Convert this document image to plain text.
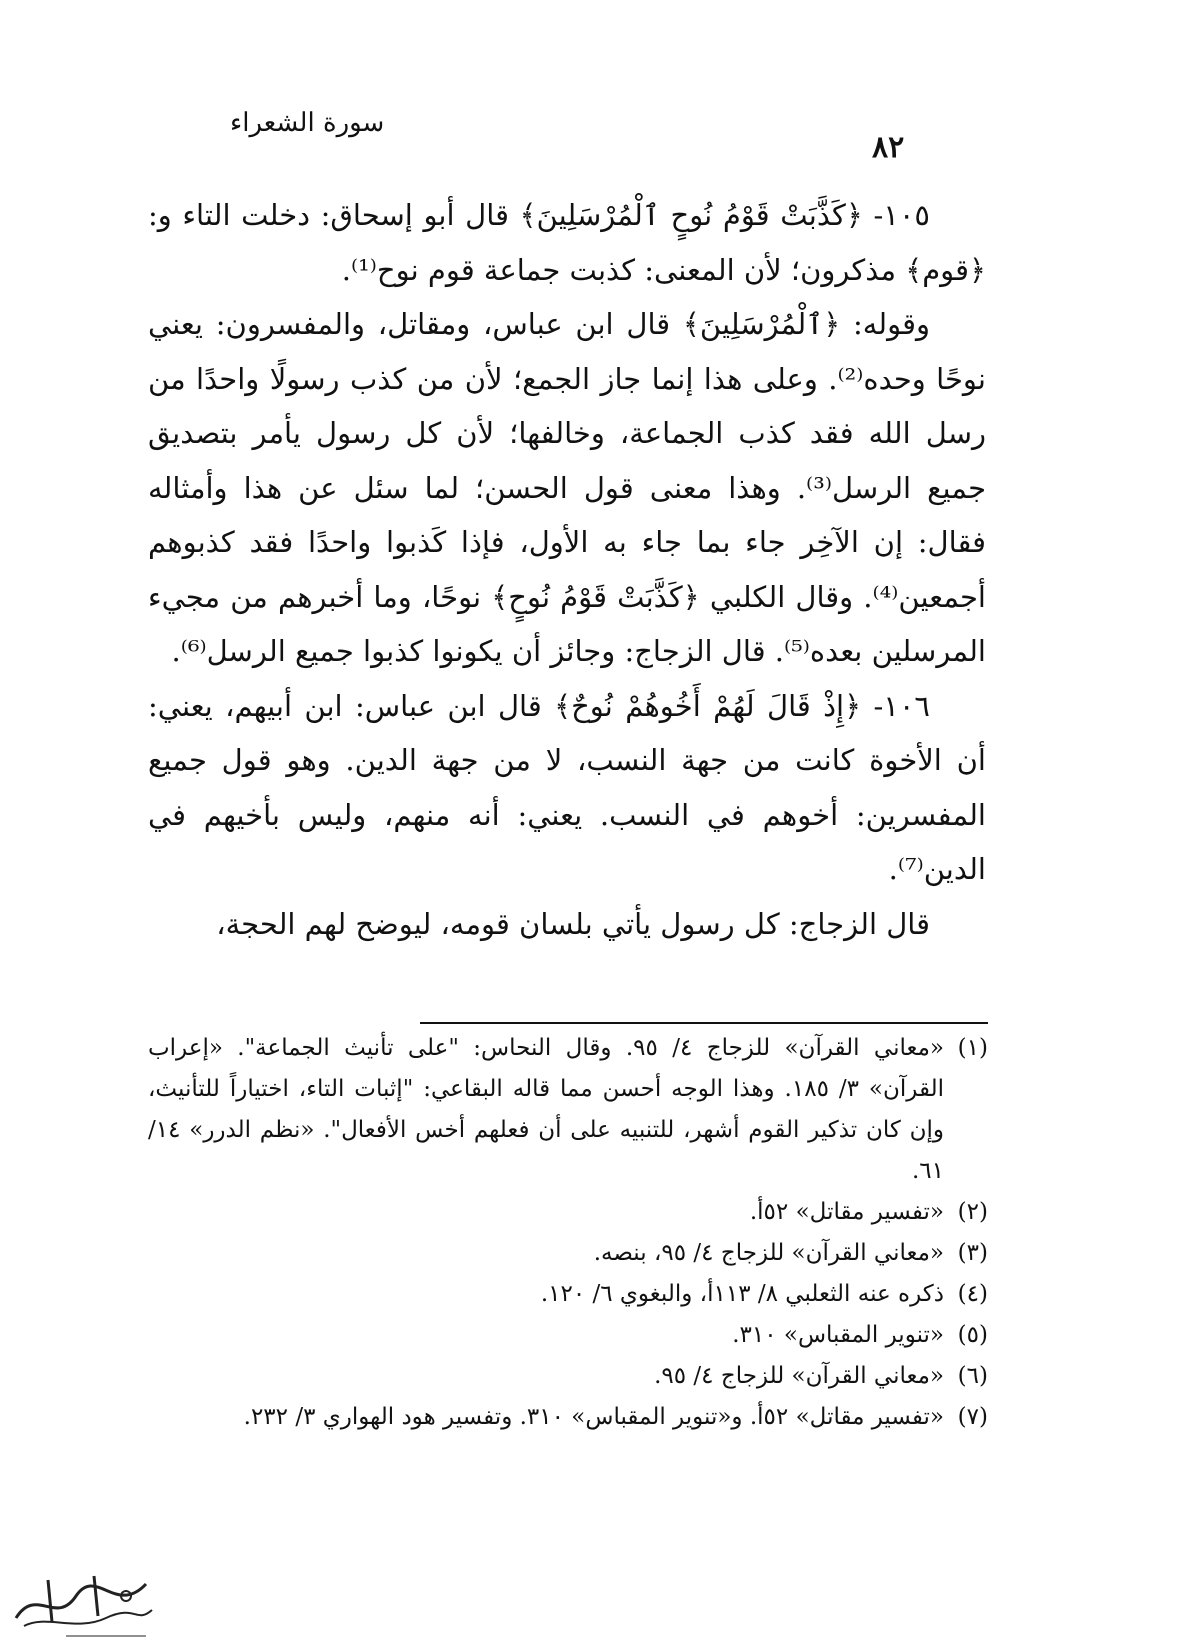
سورة الشعراء
٨٢

١٠٥- ﴿كَذَّبَتْ قَوْمُ نُوحٍ ٱلْمُرْسَلِينَ﴾ قال أبو إسحاق: دخلت التاء و: ﴿قوم﴾ مذكرون؛ لأن المعنى: كذبت جماعة قوم نوح⁽¹⁾.

وقوله: ﴿ٱلْمُرْسَلِينَ﴾ قال ابن عباس، ومقاتل، والمفسرون: يعني نوحًا وحده⁽²⁾. وعلى هذا إنما جاز الجمع؛ لأن من كذب رسولًا واحدًا من رسل الله فقد كذب الجماعة، وخالفها؛ لأن كل رسول يأمر بتصديق جميع الرسل⁽³⁾. وهذا معنى قول الحسن؛ لما سئل عن هذا وأمثاله فقال: إن الآخِر جاء بما جاء به الأول، فإذا كَذبوا واحدًا فقد كذبوهم أجمعين⁽⁴⁾. وقال الكلبي ﴿كَذَّبَتْ قَوْمُ نُوحٍ﴾ نوحًا، وما أخبرهم من مجيء المرسلين بعده⁽⁵⁾. قال الزجاج: وجائز أن يكونوا كذبوا جميع الرسل⁽⁶⁾.

١٠٦- ﴿إِذْ قَالَ لَهُمْ أَخُوهُمْ نُوحٌ﴾ قال ابن عباس: ابن أبيهم، يعني: أن الأخوة كانت من جهة النسب، لا من جهة الدين. وهو قول جميع المفسرين: أخوهم في النسب. يعني: أنه منهم، وليس بأخيهم في الدين⁽⁷⁾.

قال الزجاج: كل رسول يأتي بلسان قومه، ليوضح لهم الحجة،

(١)
«معاني القرآن» للزجاج ٤/ ٩٥. وقال النحاس: "على تأنيث الجماعة". «إعراب القرآن» ٣/ ١٨٥. وهذا الوجه أحسن مما قاله البقاعي: "إثبات التاء، اختياراً للتأنيث، وإن كان تذكير القوم أشهر، للتنبيه على أن فعلهم أخس الأفعال". «نظم الدرر» ١٤/ ٦١.
(٢)
«تفسير مقاتل» ٥٢أ.
(٣)
«معاني القرآن» للزجاج ٤/ ٩٥، بنصه.
(٤)
ذكره عنه الثعلبي ٨/ ١١٣أ، والبغوي ٦/ ١٢٠.
(٥)
«تنوير المقباس» ٣١٠.
(٦)
«معاني القرآن» للزجاج ٤/ ٩٥.
(٧)
«تفسير مقاتل» ٥٢أ. و«تنوير المقباس» ٣١٠. وتفسير هود الهواري ٣/ ٢٣٢.
